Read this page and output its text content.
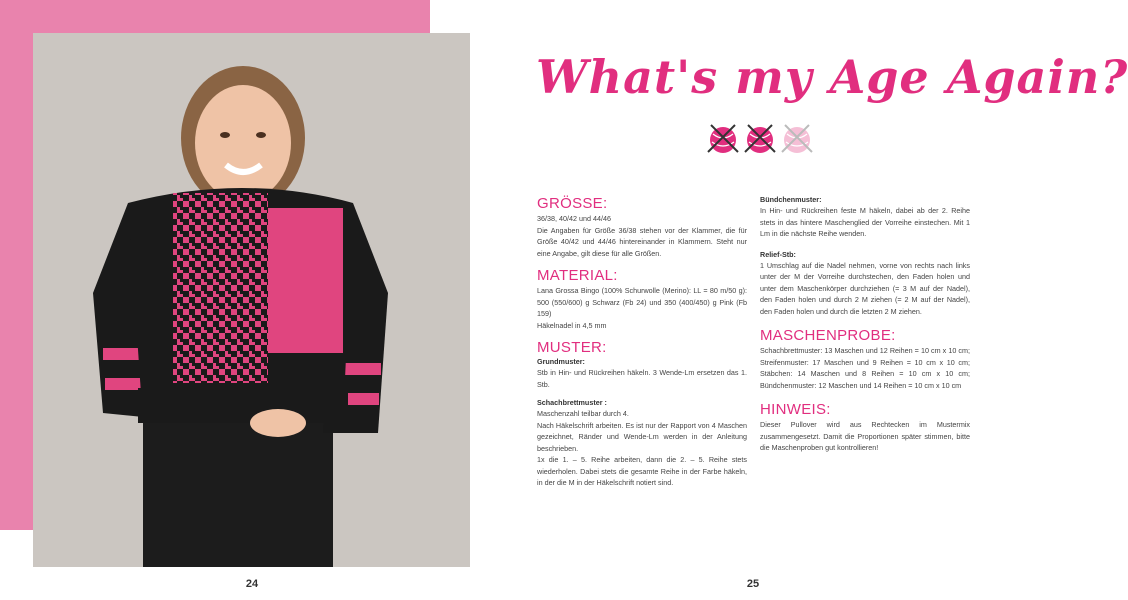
24	25
What's my Age Again?
GRÖSSE:

36/38, 40/42 und 44/46

Die Angaben für Größe 36/38 stehen vor der Klammer, die für Größe 40/42 und 44/46 hintereinander in Klammern. Steht nur eine Angabe, gilt diese für alle Größen.

MATERIAL:

Lana Grossa Bingo (100% Schurwolle (Merino): LL = 80 m/50 g): 500 (550/600) g Schwarz (Fb 24) und 350 (400/450) g Pink (Fb 159)

Häkelnadel in 4,5 mm

MUSTER:
Grundmuster:

Stb in Hin- und Rückreihen häkeln. 3 Wende-Lm ersetzen das 1. Stb.

Schachbrettmuster :

Maschenzahl teilbar durch 4.

Nach Häkelschrift arbeiten. Es ist nur der Rapport von 4 Maschen gezeichnet, Ränder und Wende-Lm werden in der Anleitung beschrieben.

1x die 1. – 5. Reihe arbeiten, dann die 2. – 5. Reihe stets wiederholen. Dabei stets die gesamte Reihe in der Farbe häkeln, in der die M in der Häkelschrift notiert sind.

Bündchenmuster:

In Hin- und Rückreihen feste M häkeln, dabei ab der 2. Reihe stets in das hintere Maschenglied der Vorreihe einstechen. Mit 1 Lm in die nächste Reihe wenden.

Relief-Stb:

1 Umschlag auf die Nadel nehmen, vorne von rechts nach links unter der M der Vorreihe durchstechen, den Faden holen und unter dem Maschenkörper durchziehen (= 3 M auf der Nadel), den Faden holen und durch 2 M ziehen (= 2 M auf der Nadel), den Faden holen und durch die letzten 2 M ziehen.

MASCHENPROBE:

Schachbrettmuster: 13 Maschen und 12 Reihen = 10 cm x 10 cm; Streifenmuster: 17 Maschen und 9 Reihen = 10 cm x 10 cm; Stäbchen: 14 Maschen und 8 Reihen = 10 cm x 10 cm; Bündchenmuster: 12 Maschen und 14 Reihen = 10 cm x 10 cm

HINWEIS:

Dieser Pullover wird aus Rechtecken im Mustermix zusammengesetzt. Damit die Proportionen später stimmen, bitte die Maschenproben gut kontrollieren!
